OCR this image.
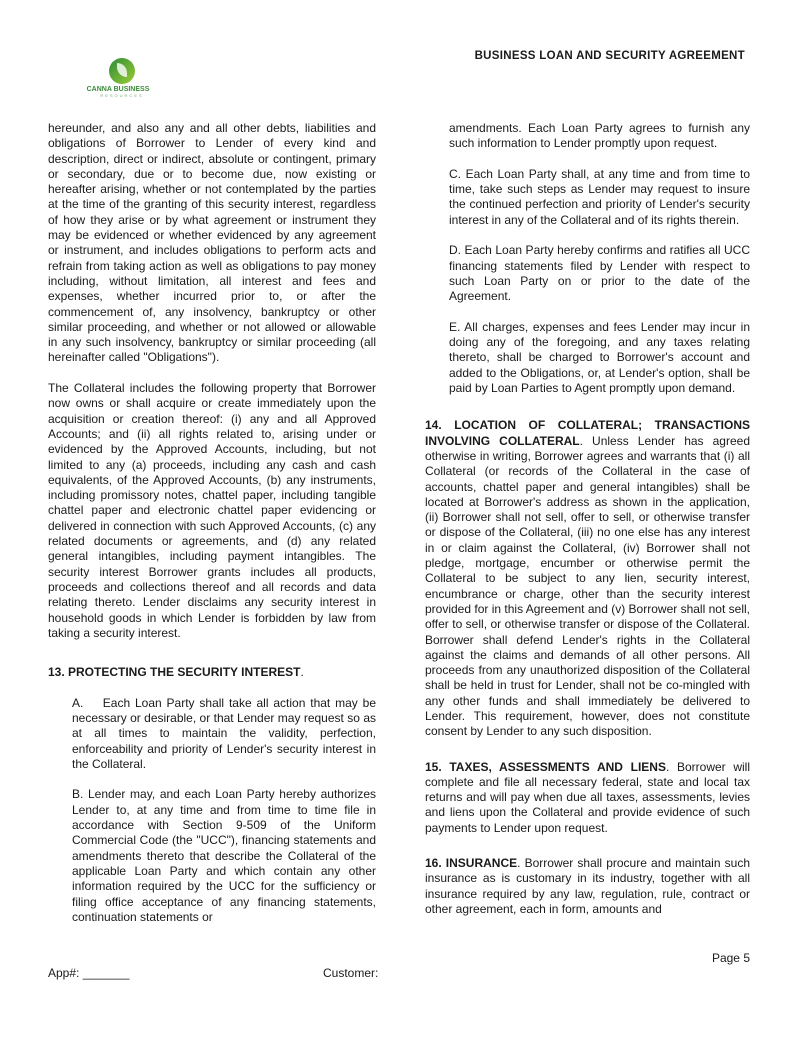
BUSINESS LOAN AND SECURITY AGREEMENT
CANNA BUSINESS
RESOURCES

hereunder, and also any and all other debts, liabilities and obligations of Borrower to Lender of every kind and description, direct or indirect, absolute or contingent, primary or secondary, due or to become due, now existing or hereafter arising, whether or not contemplated by the parties at the time of the granting of this security interest, regardless of how they arise or by what agreement or instrument they may be evidenced or whether evidenced by any agreement or instrument, and includes obligations to perform acts and refrain from taking action as well as obligations to pay money including, without limitation, all interest and fees and expenses, whether incurred prior to, or after the commencement of, any insolvency, bankruptcy or other similar proceeding, and whether or not allowed or allowable in any such insolvency, bankruptcy or similar proceeding (all hereinafter called "Obligations").

The Collateral includes the following property that Borrower now owns or shall acquire or create immediately upon the acquisition or creation thereof: (i) any and all Approved Accounts; and (ii) all rights related to, arising under or evidenced by the Approved Accounts, including, but not limited to any (a) proceeds, including any cash and cash equivalents, of the Approved Accounts, (b) any instruments, including promissory notes, chattel paper, including tangible chattel paper and electronic chattel paper evidencing or delivered in connection with such Approved Accounts, (c) any related documents or agreements, and (d) any related general intangibles, including payment intangibles. The security interest Borrower grants includes all products, proceeds and collections thereof and all records and data relating thereto. Lender disclaims any security interest in household goods in which Lender is forbidden by law from taking a security interest.

13. PROTECTING THE SECURITY INTEREST.

A.    Each Loan Party shall take all action that may be necessary or desirable, or that Lender may request so as at all times to maintain the validity, perfection, enforceability and priority of Lender's security interest in the Collateral.

B. Lender may, and each Loan Party hereby authorizes Lender to, at any time and from time to time file in accordance with Section 9-509 of the Uniform Commercial Code (the "UCC"), financing statements and amendments thereto that describe the Collateral of the applicable Loan Party and which contain any other information required by the UCC for the sufficiency or filing office acceptance of any financing statements, continuation statements or

amendments. Each Loan Party agrees to furnish any such information to Lender promptly upon request.

C. Each Loan Party shall, at any time and from time to time, take such steps as Lender may request to insure the continued perfection and priority of Lender's security interest in any of the Collateral and of its rights therein.

D. Each Loan Party hereby confirms and ratifies all UCC financing statements filed by Lender with respect to such Loan Party on or prior to the date of the Agreement.

E. All charges, expenses and fees Lender may incur in doing any of the foregoing, and any taxes relating thereto, shall be charged to Borrower's account and added to the Obligations, or, at Lender's option, shall be paid by Loan Parties to Agent promptly upon demand.

14. LOCATION OF COLLATERAL; TRANSACTIONS INVOLVING COLLATERAL. Unless Lender has agreed otherwise in writing, Borrower agrees and warrants that (i) all Collateral (or records of the Collateral in the case of accounts, chattel paper and general intangibles) shall be located at Borrower's address as shown in the application, (ii) Borrower shall not sell, offer to sell, or otherwise transfer or dispose of the Collateral, (iii) no one else has any interest in or claim against the Collateral, (iv) Borrower shall not pledge, mortgage, encumber or otherwise permit the Collateral to be subject to any lien, security interest, encumbrance or charge, other than the security interest provided for in this Agreement and (v) Borrower shall not sell, offer to sell, or otherwise transfer or dispose of the Collateral. Borrower shall defend Lender's rights in the Collateral against the claims and demands of all other persons. All proceeds from any unauthorized disposition of the Collateral shall be held in trust for Lender, shall not be co-mingled with any other funds and shall immediately be delivered to Lender. This requirement, however, does not constitute consent by Lender to any such disposition.

15. TAXES, ASSESSMENTS AND LIENS. Borrower will complete and file all necessary federal, state and local tax returns and will pay when due all taxes, assessments, levies and liens upon the Collateral and provide evidence of such payments to Lender upon request.

16. INSURANCE. Borrower shall procure and maintain such insurance as is customary in its industry, together with all insurance required by any law, regulation, rule, contract or other agreement, each in form, amounts and

Page 5
App#: _______	Customer:
